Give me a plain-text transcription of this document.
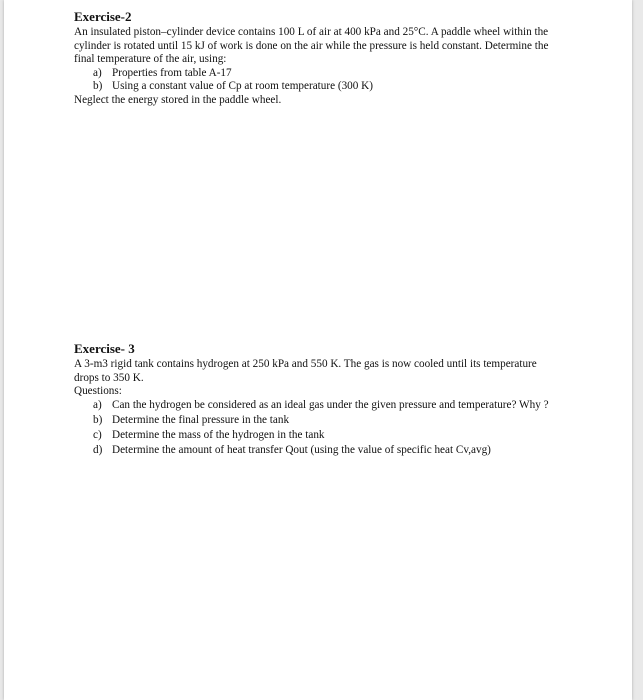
Exercise-2

An insulated piston–cylinder device contains 100 L of air at 400 kPa and 25°C. A paddle wheel within the cylinder is rotated until 15 kJ of work is done on the air while the pressure is held constant. Determine the final temperature of the air, using:

a) Properties from table A-17
b) Using a constant value of Cp at room temperature (300 K)

Neglect the energy stored in the paddle wheel.

Exercise- 3

A 3-m3 rigid tank contains hydrogen at 250 kPa and 550 K. The gas is now cooled until its temperature drops to 350 K.

Questions:

a) Can the hydrogen be considered as an ideal gas under the given pressure and temperature? Why ?
b) Determine the final pressure in the tank
c) Determine the mass of the hydrogen in the tank
d) Determine the amount of heat transfer Qout (using the value of specific heat Cv,avg)
